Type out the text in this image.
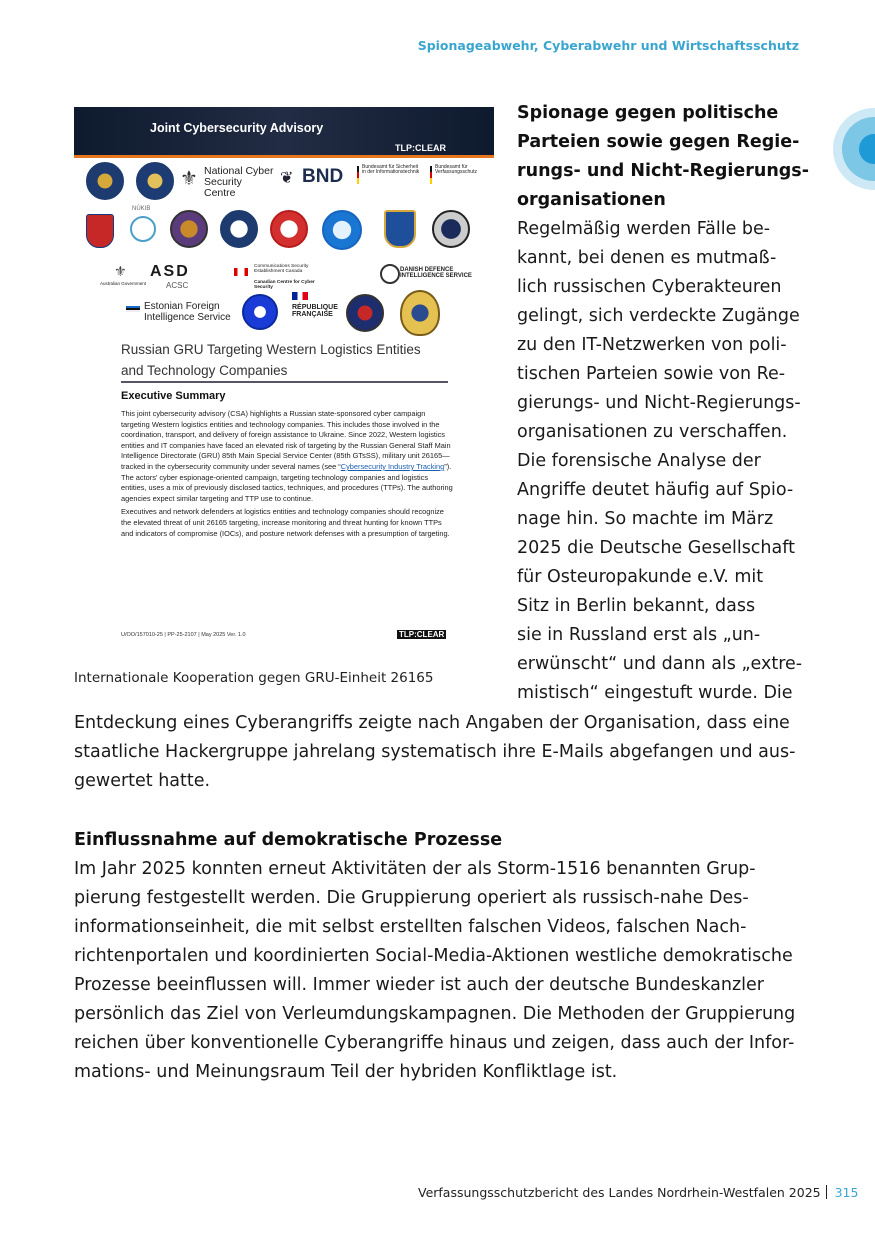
Spionageabwehr, Cyberabwehr und Wirtschaftsschutz
Joint Cybersecurity Advisory
TLP:CLEAR
⚜ National Cyber Security Centre
❦ BND	Bundesamt für Sicherheit in der Informationstechnik
Bundesamt für Verfassungsschutz
NÚKIB
⚜
Australian Government
ASD
ACSC
Communications Security Establishment Canada
Canadian Centre for Cyber Security
DANISH DEFENCE INTELLIGENCE SERVICE
Estonian Foreign Intelligence Service
RÉPUBLIQUE FRANÇAISE
Russian GRU Targeting Western Logistics Entities
and Technology Companies
Executive Summary

This joint cybersecurity advisory (CSA) highlights a Russian state-sponsored cyber campaign targeting Western logistics entities and technology companies. This includes those involved in the coordination, transport, and delivery of foreign assistance to Ukraine. Since 2022, Western logistics entities and IT companies have faced an elevated risk of targeting by the Russian General Staff Main Intelligence Directorate (GRU) 85th Main Special Service Center (85th GTsSS), military unit 26165—tracked in the cybersecurity community under several names (see “Cybersecurity Industry Tracking”). The actors’ cyber espionage-oriented campaign, targeting technology companies and logistics entities, uses a mix of previously disclosed tactics, techniques, and procedures (TTPs). The authoring agencies expect similar targeting and TTP use to continue.

Executives and network defenders at logistics entities and technology companies should recognize the elevated threat of unit 26165 targeting, increase monitoring and threat hunting for known TTPs and indicators of compromise (IOCs), and posture network defenses with a presumption of targeting.

U/OO/157010-25 | PP-25-2107 | May 2025 Ver. 1.0	TLP:CLEAR
Internationale Kooperation gegen GRU-Einheit 26165
Spionage gegen politische
Parteien sowie gegen Regie-
rungs- und Nicht-Regierungs-
organisationen
Regelmäßig werden Fälle be-
kannt, bei denen es mutmaß-
lich russischen Cyberakteuren
gelingt, sich verdeckte Zugänge
zu den IT-Netzwerken von poli-
tischen Parteien sowie von Re-
gierungs- und Nicht-Regierungs-
organisationen zu verschaffen.
Die forensische Analyse der
Angriffe deutet häufig auf Spio-
nage hin. So machte im März
2025 die Deutsche Gesellschaft
für Osteuropakunde e.V. mit
Sitz in Berlin bekannt, dass
sie in Russland erst als „un-
erwünscht“ und dann als „extre-
mistisch“ eingestuft wurde. Die
Entdeckung eines Cyberangriffs zeigte nach Angaben der Organisation, dass eine
staatliche Hackergruppe jahrelang systematisch ihre E-Mails abgefangen und aus-
gewertet hatte.
Einflussnahme auf demokratische Prozesse
Im Jahr 2025 konnten erneut Aktivitäten der als Storm-1516 benannten Grup-
pierung festgestellt werden. Die Gruppierung operiert als russisch-nahe Des-
informationseinheit, die mit selbst erstellten falschen Videos, falschen Nach-
richtenportalen und koordinierten Social-Media-Aktionen westliche demokratische
Prozesse beeinflussen will. Immer wieder ist auch der deutsche Bundeskanzler
persönlich das Ziel von Verleumdungskampagnen. Die Methoden der Gruppierung
reichen über konventionelle Cyberangriffe hinaus und zeigen, dass auch der Infor-
mations- und Meinungsraum Teil der hybriden Konfliktlage ist.
Verfassungsschutzbericht des Landes Nordrhein-Westfalen 2025 315
